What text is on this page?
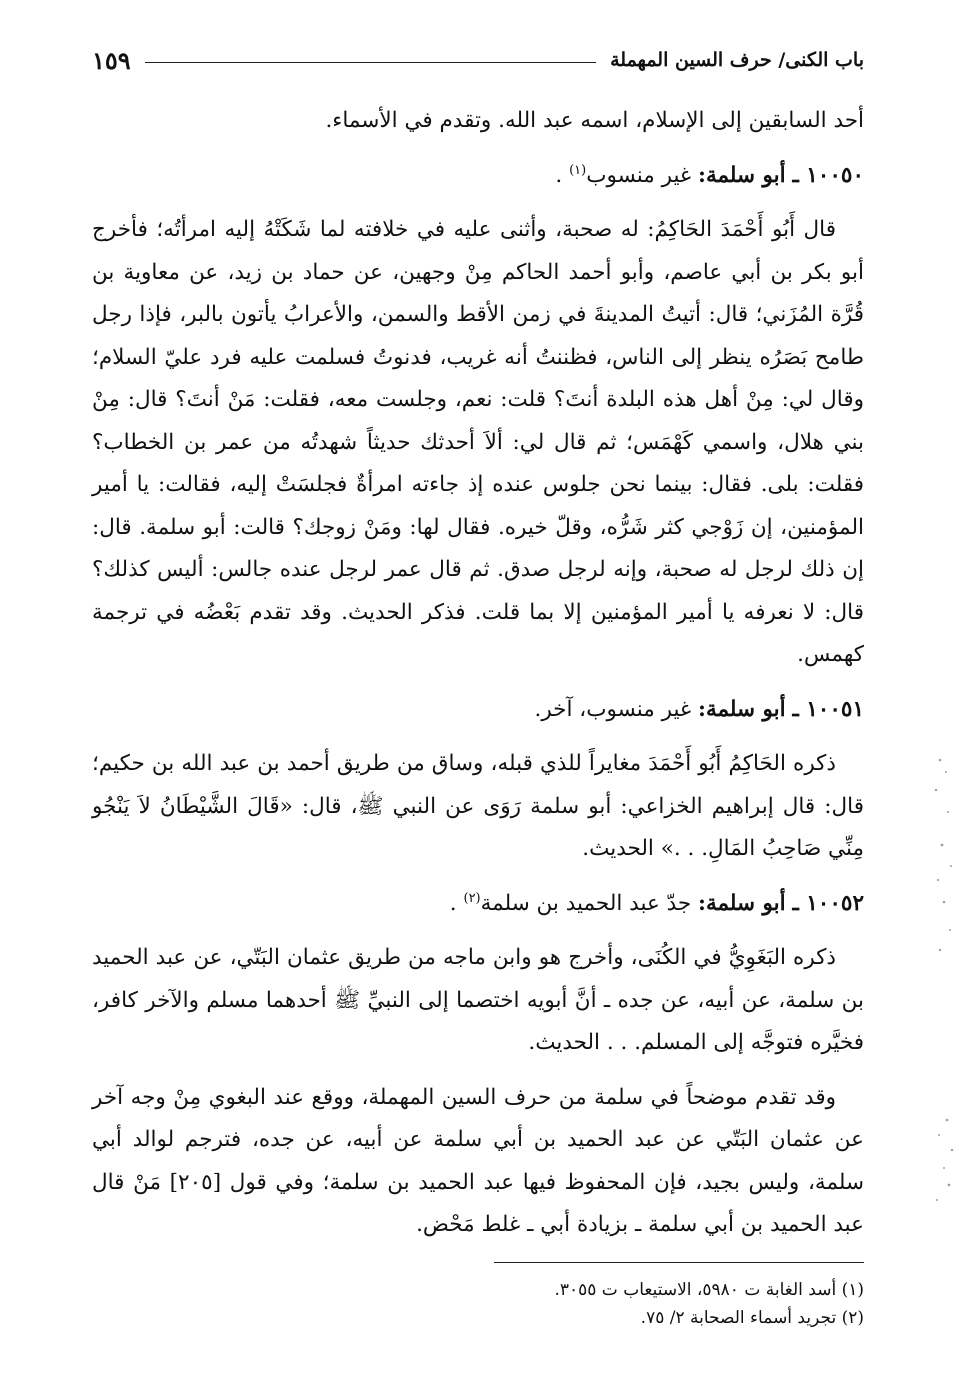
باب الكنى/ حرف السين المهملة
١٥٩

أحد السابقين إلى الإسلام، اسمه عبد الله. وتقدم في الأسماء.

١٠٠٥٠ ـ أبو سلمة: غير منسوب$^{(١)}$ .

قال أَبُو أَحْمَدَ الحَاكِمُ: له صحبة، وأثنى عليه في خلافته لما شَكَتْهُ إليه امرأتُه؛ فأخرج أبو بكر بن أبي عاصم، وأبو أحمد الحاكم مِنْ وجهين، عن حماد بن زيد، عن معاوية بن قُرَّة المُزَني؛ قال: أتيتُ المدينةَ في زمن الأقط والسمن، والأعرابُ يأتون بالبر، فإذا رجل طامح بَصَرُه ينظر إلى الناس، فظننتُ أنه غريب، فدنوتُ فسلمت عليه فرد عليّ السلام؛ وقال لي: مِنْ أهل هذه البلدة أنتَ؟ قلت: نعم، وجلست معه، فقلت: مَنْ أنتَ؟ قال: مِنْ بني هلال، واسمي كَهْمَس؛ ثم قال لي: ألاَ أحدثك حديثاً شهدتُه من عمر بن الخطاب؟ فقلت: بلى. فقال: بينما نحن جلوس عنده إذ جاءته امرأةٌ فجلسَتْ إليه، فقالت: يا أمير المؤمنين، إن زَوْجي كثر شَرُّه، وقلّ خيره. فقال لها: ومَنْ زوجك؟ قالت: أبو سلمة. قال: إن ذلك لرجل له صحبة، وإنه لرجل صدق. ثم قال عمر لرجل عنده جالس: أليس كذلك؟ قال: لا نعرفه يا أمير المؤمنين إلا بما قلت. فذكر الحديث. وقد تقدم بَعْضُه في ترجمة كهمس.

١٠٠٥١ ـ أبو سلمة: غير منسوب، آخر.

ذكره الحَاكِمُ أَبُو أَحْمَدَ مغايراً للذي قبله، وساق من طريق أحمد بن عبد الله بن حكيم؛ قال: قال إبراهيم الخزاعي: أبو سلمة رَوَى عن النبي ﷺ، قال: «قَالَ الشَّيْطَانُ لاَ يَنْجُو مِنِّي صَاحِبُ المَالِ. . .» الحديث.

١٠٠٥٢ ـ أبو سلمة: جدّ عبد الحميد بن سلمة$^{(٢)}$ .

ذكره البَغَوِيُّ في الكُنَى، وأخرج هو وابن ماجه من طريق عثمان البَتّي، عن عبد الحميد بن سلمة، عن أبيه، عن جده ـ أنَّ أبويه اختصما إلى النبيِّ ﷺ أحدهما مسلم والآخر كافر، فخيَّره فتوجَّه إلى المسلم. . . الحديث.

وقد تقدم موضحاً في سلمة من حرف السين المهملة، ووقع عند البغوي مِنْ وجه آخر عن عثمان البَتّي عن عبد الحميد بن أبي سلمة عن أبيه، عن جده، فترجم لوالد أبي سلمة، وليس بجيد، فإن المحفوظ فيها عبد الحميد بن سلمة؛ وفي قول [٢٠٥] مَنْ قال عبد الحميد بن أبي سلمة ـ بزيادة أبي ـ غلط مَحْض.

(١) أسد الغابة ت ٥٩٨٠، الاستيعاب ت ٣٠٥٥.

(٢) تجريد أسماء الصحابة ٢/ ٧٥.
